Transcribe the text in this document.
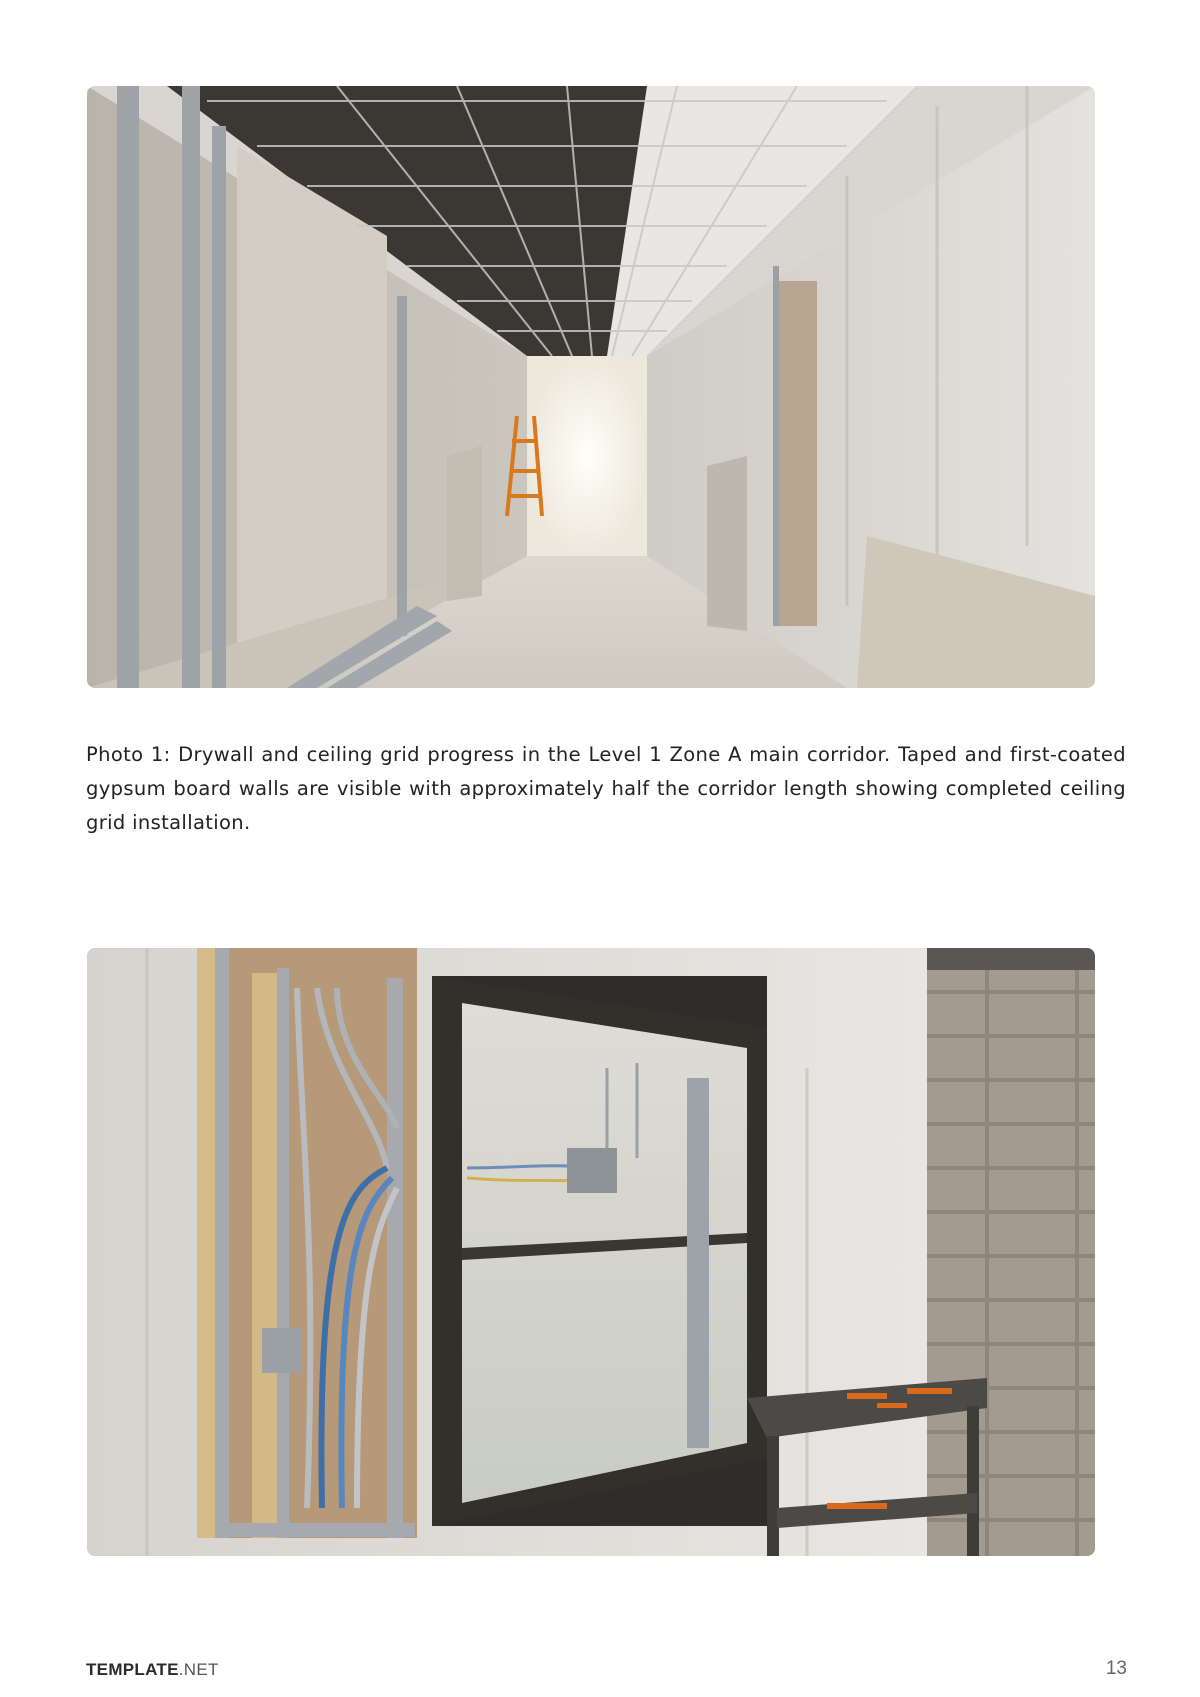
Photo 1: Drywall and ceiling grid progress in the Level 1 Zone A main corridor. Taped and first-coated gypsum board walls are visible with approximately half the corridor length showing completed ceiling grid installation.

TEMPLATE.NET	13
